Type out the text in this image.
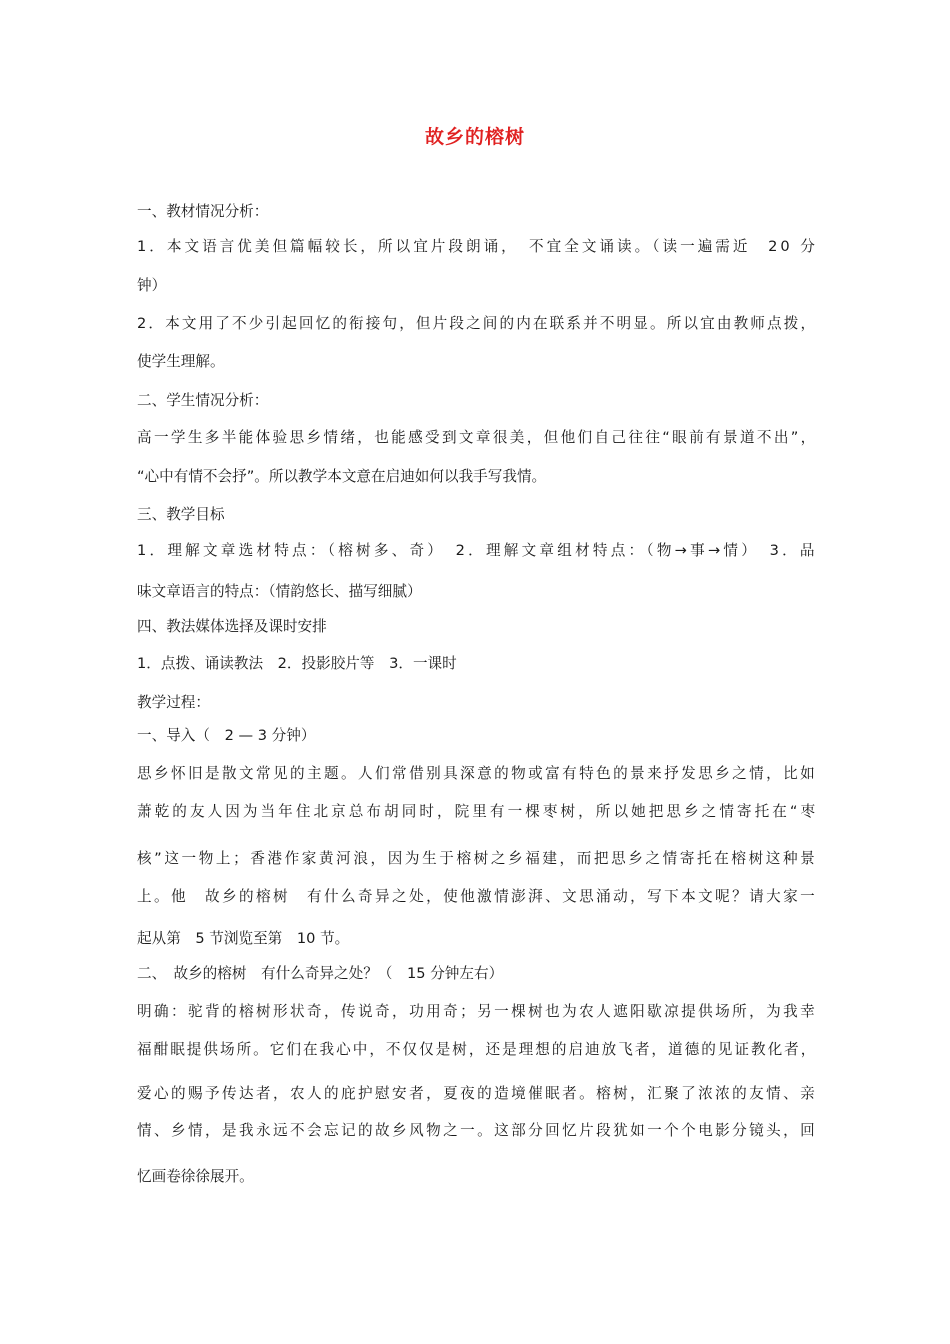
故乡的榕树
一、教材情况分析：
1．本文语言优美但篇幅较长，所以宜片段朗诵，　不宜全文诵读。（读一遍需近　20 分
钟）
2．本文用了不少引起回忆的衔接句，但片段之间的内在联系并不明显。所以宜由教师点拨，
使学生理解。
二、学生情况分析：
高一学生多半能体验思乡情绪，也能感受到文章很美，但他们自己往往“眼前有景道不出”，
“心中有情不会抒”。所以教学本文意在启迪如何以我手写我情。
三、教学目标
1．理解文章选材特点：（榕树多、奇）　2．理解文章组材特点：（物→事→情）　3．品
味文章语言的特点：（情韵悠长、描写细腻）
四、教法媒体选择及课时安排
1．点拨、诵读教法　2．投影胶片等　3．一课时
教学过程：
一、导入（　2 — 3 分钟）
思乡怀旧是散文常见的主题。人们常借别具深意的物或富有特色的景来抒发思乡之情，比如
萧乾的友人因为当年住北京总布胡同时，院里有一棵枣树，所以她把思乡之情寄托在“枣
核”这一物上；香港作家黄河浪，因为生于榕树之乡福建，而把思乡之情寄托在榕树这种景
上。他　故乡的榕树　有什么奇异之处，使他激情澎湃、文思涌动，写下本文呢？请大家一
起从第　5 节浏览至第　10 节。
二、　故乡的榕树　有什么奇异之处？（　15 分钟左右）
明确：驼背的榕树形状奇，传说奇，功用奇；另一棵树也为农人遮阳歇凉提供场所，为我幸
福酣眠提供场所。它们在我心中，不仅仅是树，还是理想的启迪放飞者，道德的见证教化者，
爱心的赐予传达者，农人的庇护慰安者，夏夜的造境催眠者。榕树，汇聚了浓浓的友情、亲
情、乡情，是我永远不会忘记的故乡风物之一。这部分回忆片段犹如一个个电影分镜头，回
忆画卷徐徐展开。
